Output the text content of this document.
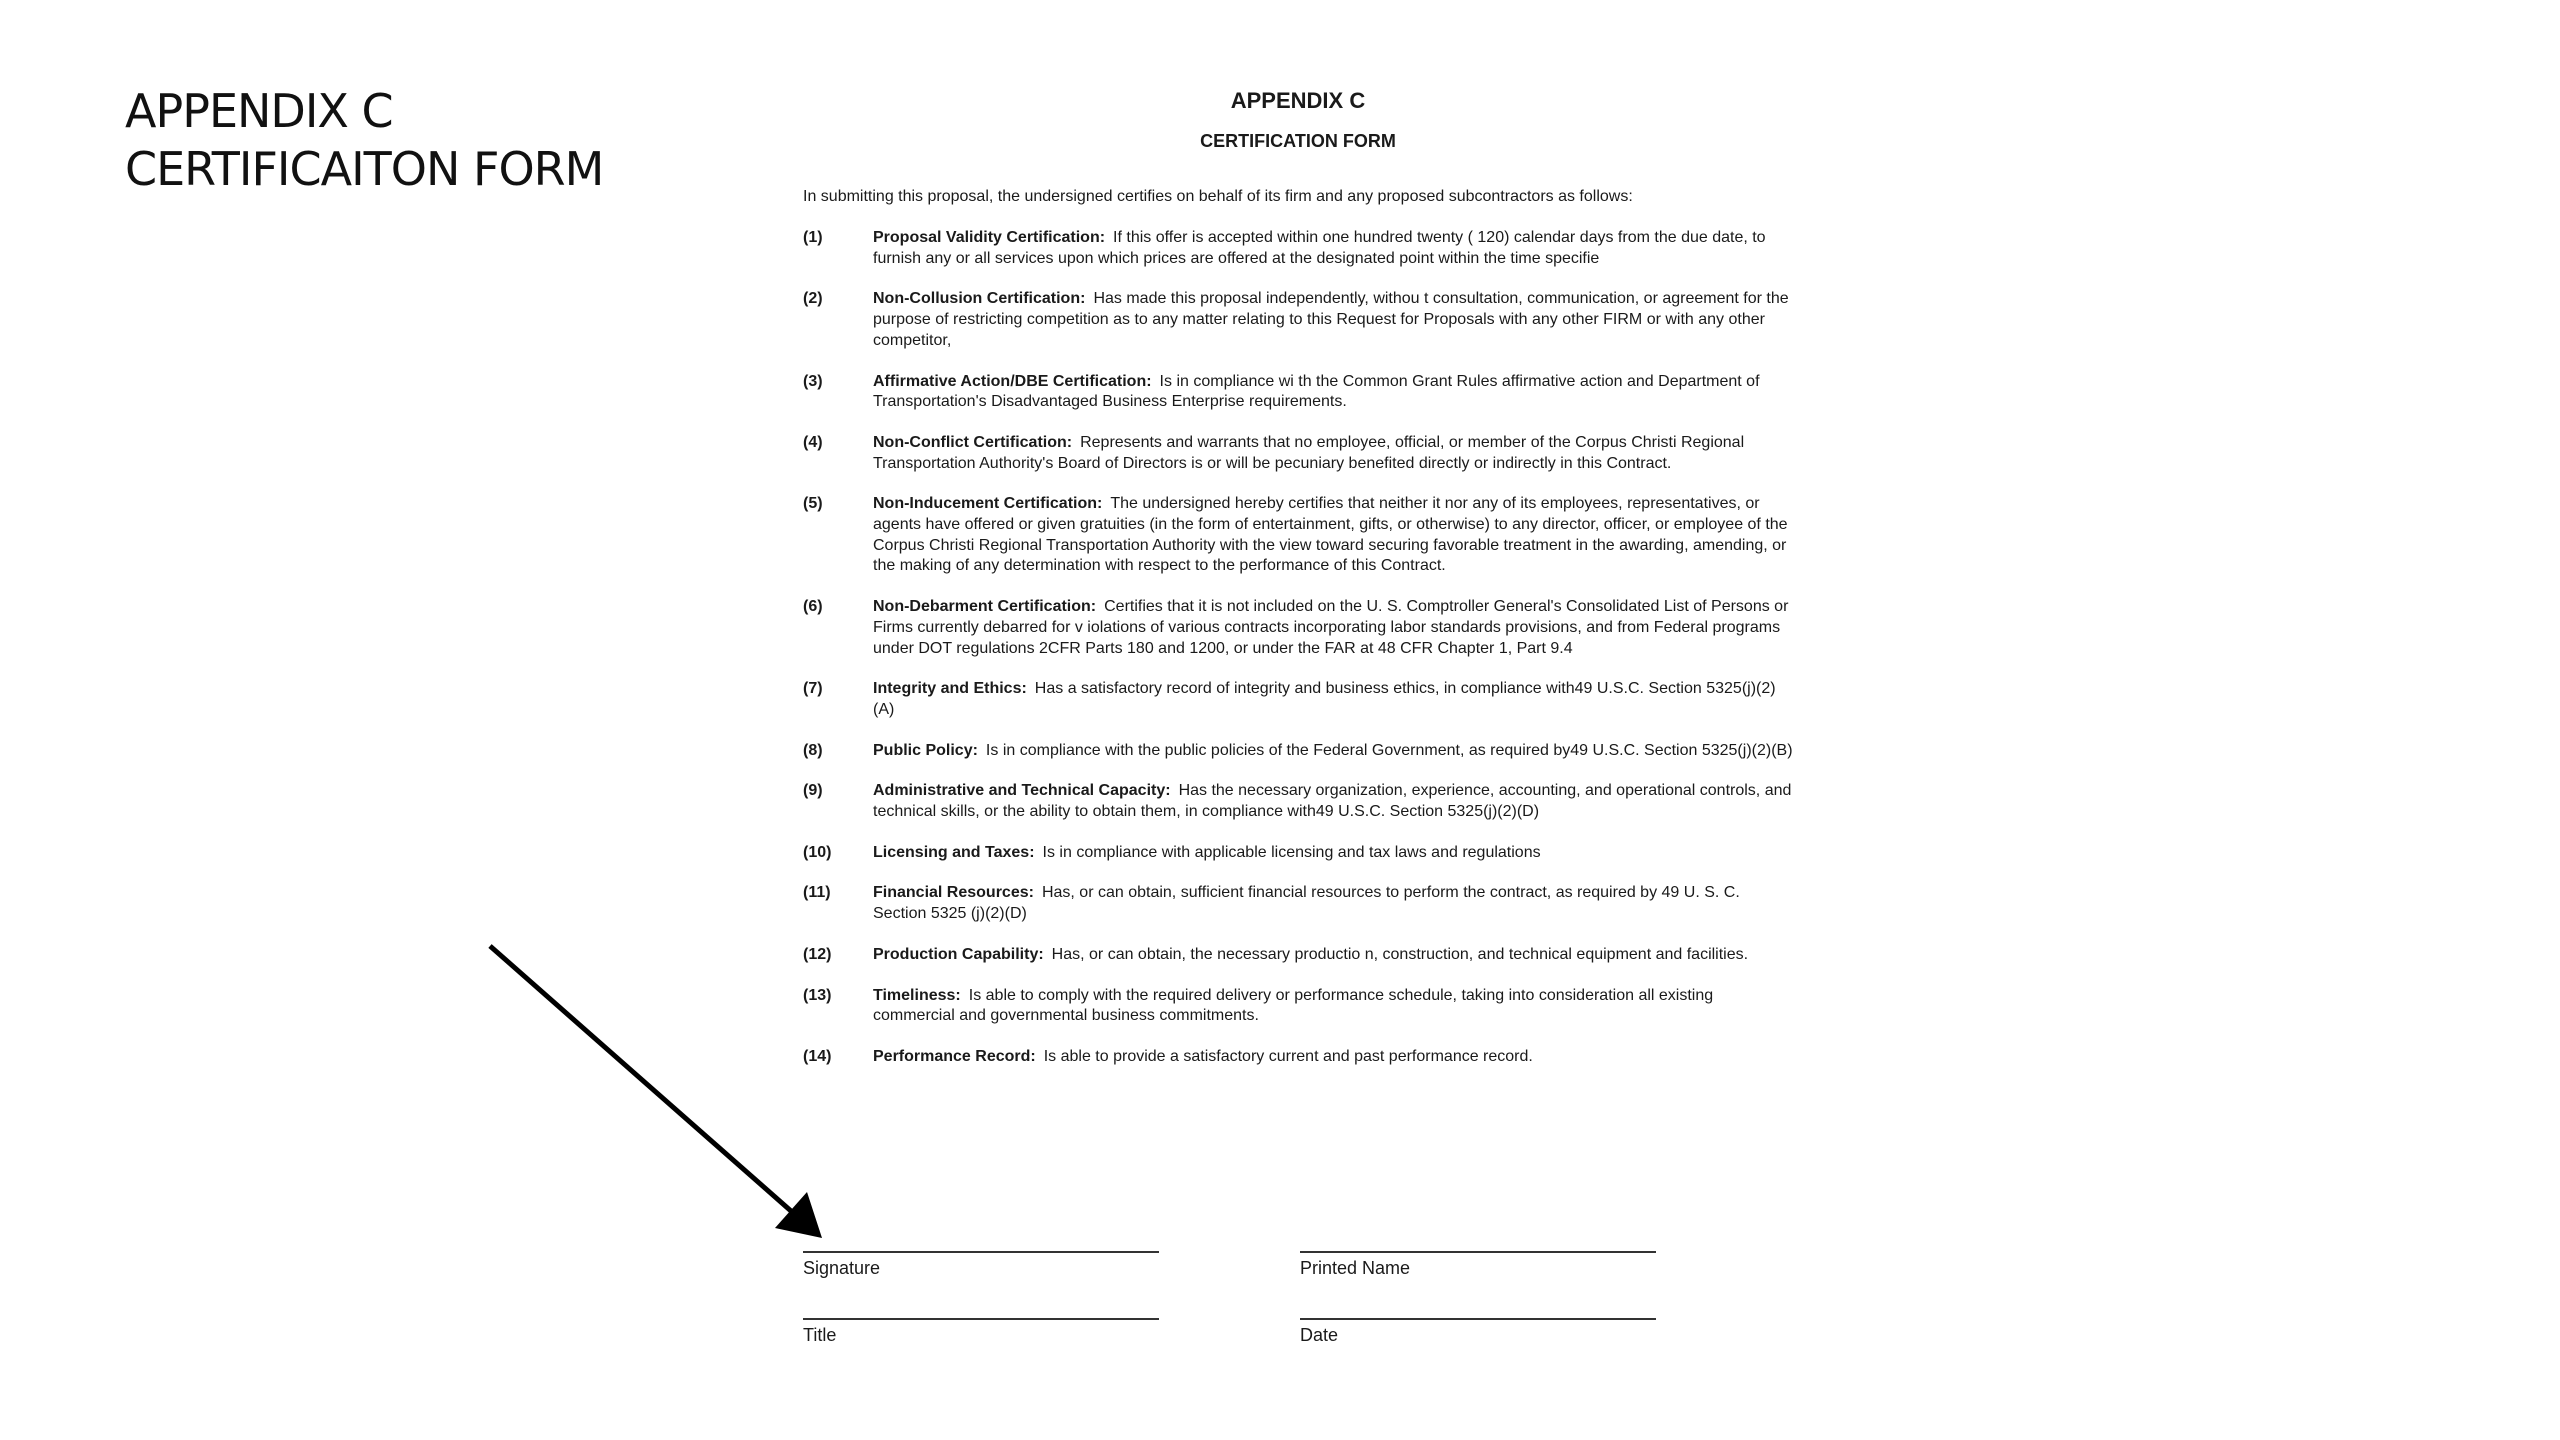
APPENDIX C
CERTIFICAITON FORM
APPENDIX C
CERTIFICATION FORM
In submitting this proposal, the undersigned certifies on behalf of its firm and any proposed subcontractors as follows:
(1)	Proposal Validity Certification: If this offer is accepted within one hundred twenty ( 120) calendar days from the due date, to furnish any or all services upon which prices are offered at the designated point within the time specifie
(2)	Non-Collusion Certification: Has made this proposal independently, withou t consultation, communication, or agreement for the purpose of restricting competition as to any matter relating to this Request for Proposals with any other FIRM or with any other competitor,
(3)	Affirmative Action/DBE Certification: Is in compliance wi th the Common Grant Rules affirmative action and Department of Transportation's Disadvantaged Business Enterprise requirements.
(4)	Non-Conflict Certification: Represents and warrants that no employee, official, or member of the Corpus Christi Regional Transportation Authority's Board of Directors is or will be pecuniary benefited directly or indirectly in this Contract.
(5)	Non-Inducement Certification: The undersigned hereby certifies that neither it nor any of its employees, representatives, or agents have offered or given gratuities (in the form of entertainment, gifts, or otherwise) to any director, officer, or employee of the Corpus Christi Regional Transportation Authority with the view toward securing favorable treatment in the awarding, amending, or the making of any determination with respect to the performance of this Contract.
(6)	Non-Debarment Certification: Certifies that it is not included on the U. S. Comptroller General's Consolidated List of Persons or Firms currently debarred for v iolations of various contracts incorporating labor standards provisions, and from Federal programs under DOT regulations 2CFR Parts 180 and 1200, or under the FAR at 48 CFR Chapter 1, Part 9.4
(7)	Integrity and Ethics: Has a satisfactory record of integrity and business ethics, in compliance with49 U.S.C. Section 5325(j)(2)(A)
(8)	Public Policy: Is in compliance with the public policies of the Federal Government, as required by49 U.S.C. Section 5325(j)(2)(B)
(9)	Administrative and Technical Capacity: Has the necessary organization, experience, accounting, and operational controls, and technical skills, or the ability to obtain them, in compliance with49 U.S.C. Section 5325(j)(2)(D)
(10)	Licensing and Taxes: Is in compliance with applicable licensing and tax laws and regulations
(11)	Financial Resources: Has, or can obtain, sufficient financial resources to perform the contract, as required by 49 U. S. C. Section 5325 (j)(2)(D)
(12)	Production Capability: Has, or can obtain, the necessary productio n, construction, and technical equipment and facilities.
(13)	Timeliness: Is able to comply with the required delivery or performance schedule, taking into consideration all existing commercial and governmental business commitments.
(14)	Performance Record: Is able to provide a satisfactory current and past performance record.
Signature	Printed Name
Title	Date
